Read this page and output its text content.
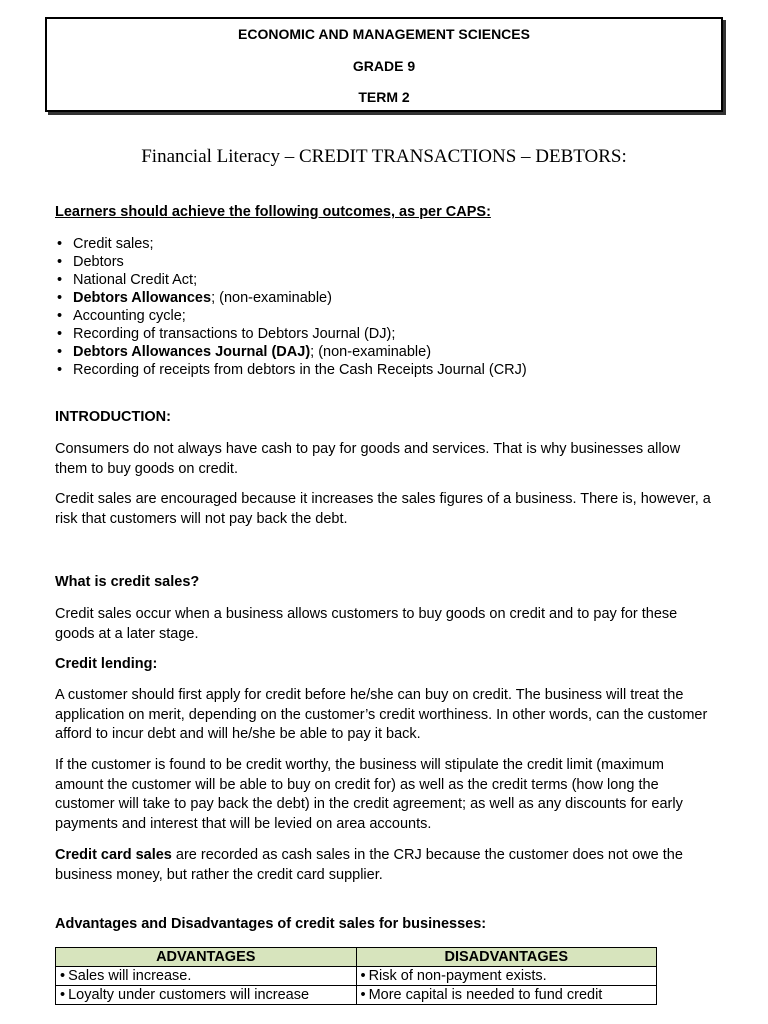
ECONOMIC AND MANAGEMENT SCIENCES
GRADE 9
TERM 2
Financial Literacy – CREDIT TRANSACTIONS – DEBTORS:
Learners should achieve the following outcomes, as per CAPS:
• Credit sales;
• Debtors
• National Credit Act;
• Debtors Allowances; (non-examinable)
• Accounting cycle;
• Recording of transactions to Debtors Journal (DJ);
• Debtors Allowances Journal (DAJ); (non-examinable)
• Recording of receipts from debtors in the Cash Receipts Journal (CRJ)
INTRODUCTION:
Consumers do not always have cash to pay for goods and services. That is why businesses allow them to buy goods on credit.
Credit sales are encouraged because it increases the sales figures of a business. There is, however, a risk that customers will not pay back the debt.
What is credit sales?
Credit sales occur when a business allows customers to buy goods on credit and to pay for these goods at a later stage.
Credit lending:
A customer should first apply for credit before he/she can buy on credit. The business will treat the application on merit, depending on the customer’s credit worthiness. In other words, can the customer afford to incur debt and will he/she be able to pay it back.
If the customer is found to be credit worthy, the business will stipulate the credit limit (maximum amount the customer will be able to buy on credit for) as well as the credit terms (how long the customer will take to pay back the debt) in the credit agreement; as well as any discounts for early payments and interest that will be levied on area accounts.
Credit card sales are recorded as cash sales in the CRJ because the customer does not owe the business money, but rather the credit card supplier.
Advantages and Disadvantages of credit sales for businesses:
ADVANTAGES	DISADVANTAGES
• Sales will increase.	• Risk of non-payment exists.
• Loyalty under customers will increase	• More capital is needed to fund credit
